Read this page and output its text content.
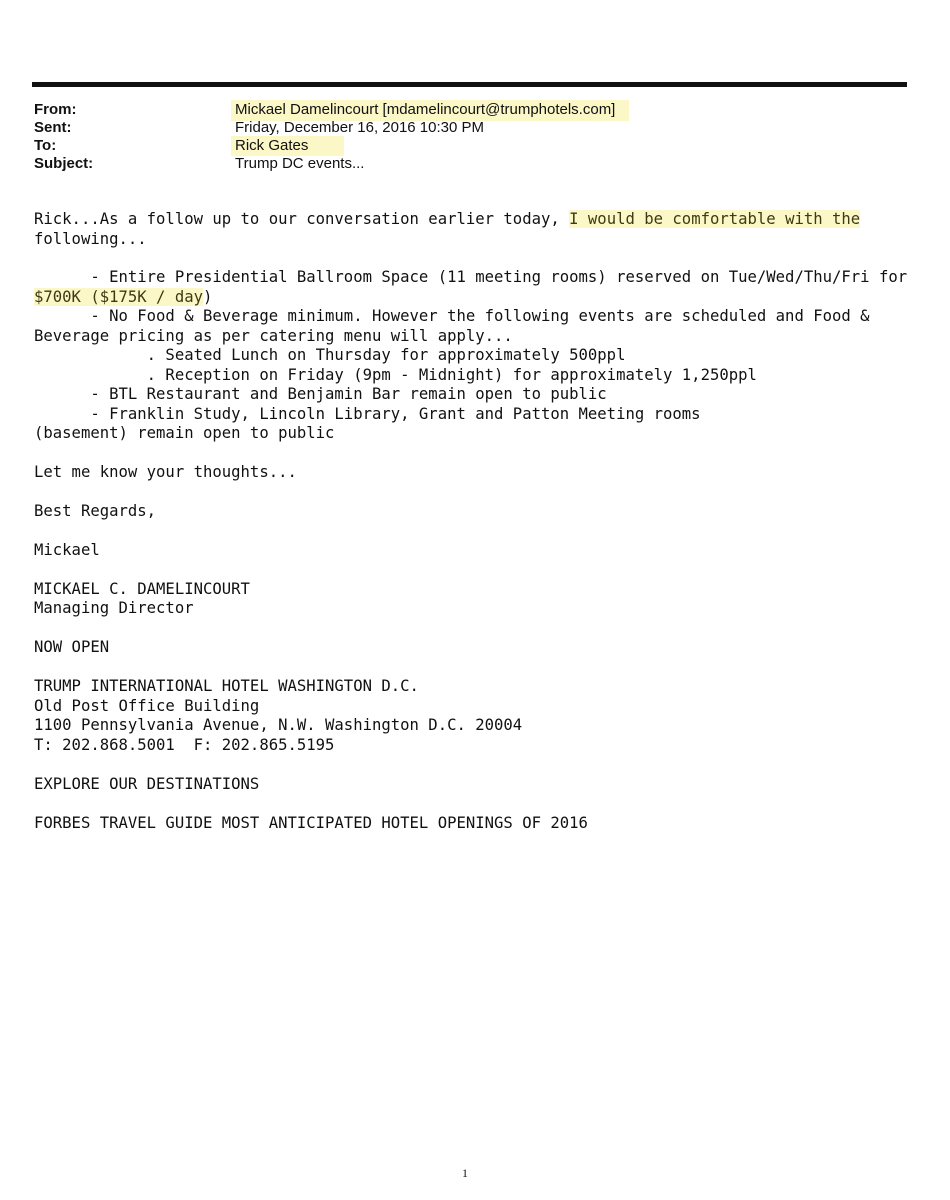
From:	Mickael Damelincourt [mdamelincourt@trumphotels.com]
Sent:	Friday, December 16, 2016 10:30 PM
To:	Rick Gates
Subject:	Trump DC events...
Rick...As a follow up to our conversation earlier today, I would be comfortable with the
following...
- Entire Presidential Ballroom Space (11 meeting rooms) reserved on Tue/Wed/Thu/Fri for
$700K ($175K / day)
- No Food & Beverage minimum. However the following events are scheduled and Food &
Beverage pricing as per catering menu will apply...
. Seated Lunch on Thursday for approximately 500ppl
. Reception on Friday (9pm - Midnight) for approximately 1,250ppl
- BTL Restaurant and Benjamin Bar remain open to public
- Franklin Study, Lincoln Library, Grant and Patton Meeting rooms
(basement) remain open to public
Let me know your thoughts...
Best Regards,
Mickael
MICKAEL C. DAMELINCOURT
Managing Director
NOW OPEN
TRUMP INTERNATIONAL HOTEL WASHINGTON D.C.
Old Post Office Building
1100 Pennsylvania Avenue, N.W. Washington D.C. 20004
T: 202.868.5001  F: 202.865.5195
EXPLORE OUR DESTINATIONS
FORBES TRAVEL GUIDE MOST ANTICIPATED HOTEL OPENINGS OF 2016
1
